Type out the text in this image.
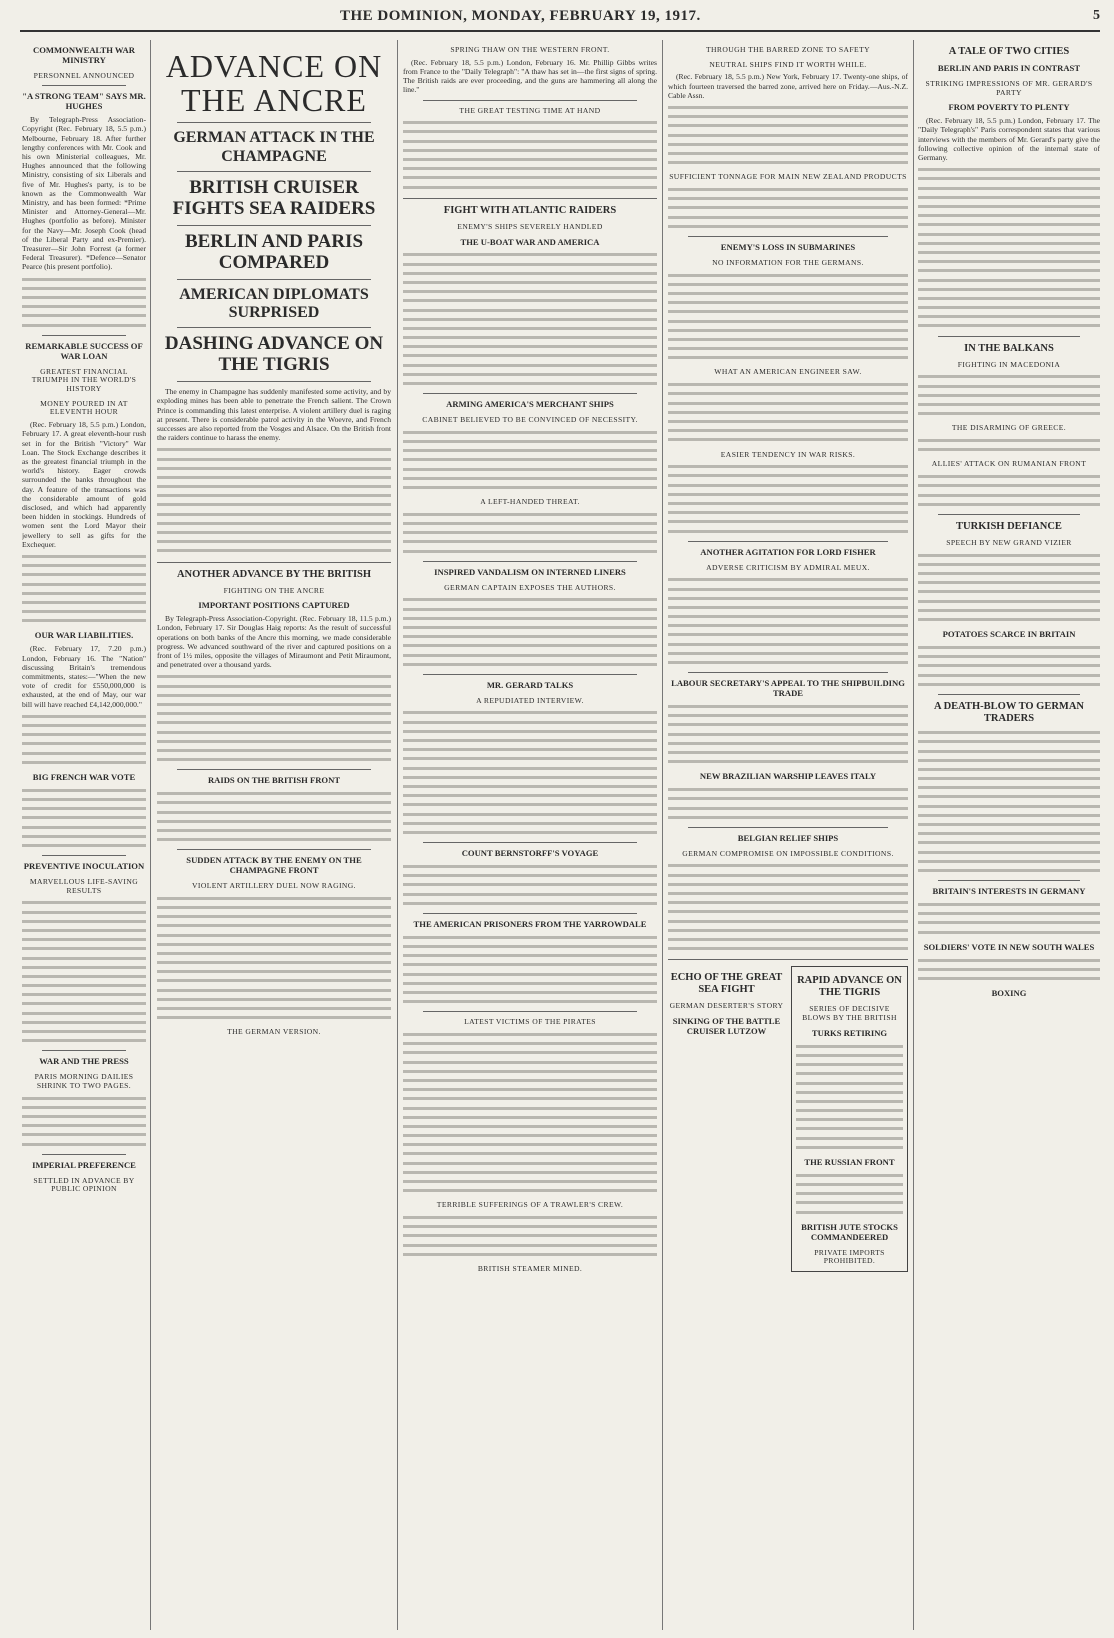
THE DOMINION, MONDAY, FEBRUARY 19, 1917.	5
COMMONWEALTH WAR MINISTRY
PERSONNEL ANNOUNCED
"A STRONG TEAM" SAYS MR. HUGHES

By Telegraph-Press Association-Copyright (Rec. February 18, 5.5 p.m.) Melbourne, February 18. After further lengthy conferences with Mr. Cook and his own Ministerial colleagues, Mr. Hughes announced that the following Ministry, consisting of six Liberals and five of Mr. Hughes's party, is to be known as the Commonwealth War Ministry, and has been formed: *Prime Minister and Attorney-General—Mr. Hughes (portfolio as before). Minister for the Navy—Mr. Joseph Cook (head of the Liberal Party and ex-Premier). Treasurer—Sir John Forrest (a former Federal Treasurer). *Defence—Senator Pearce (his present portfolio).

REMARKABLE SUCCESS OF WAR LOAN
GREATEST FINANCIAL TRIUMPH IN THE WORLD'S HISTORY
MONEY POURED IN AT ELEVENTH HOUR

(Rec. February 18, 5.5 p.m.) London, February 17. A great eleventh-hour rush set in for the British "Victory" War Loan. The Stock Exchange describes it as the greatest financial triumph in the world's history. Eager crowds surrounded the banks throughout the day. A feature of the transactions was the considerable amount of gold disclosed, and which had apparently been hidden in stockings. Hundreds of women sent the Lord Mayor their jewellery to sell as gifts for the Exchequer.

OUR WAR LIABILITIES.

(Rec. February 17, 7.20 p.m.) London, February 16. The "Nation" discussing Britain's tremendous commitments, states:—"When the new vote of credit for £550,000,000 is exhausted, at the end of May, our war bill will have reached £4,142,000,000."

BIG FRENCH WAR VOTE
PREVENTIVE INOCULATION
MARVELLOUS LIFE-SAVING RESULTS
WAR AND THE PRESS
PARIS MORNING DAILIES SHRINK TO TWO PAGES.
IMPERIAL PREFERENCE
SETTLED IN ADVANCE BY PUBLIC OPINION
ADVANCE ON THE ANCRE
GERMAN ATTACK IN THE CHAMPAGNE
BRITISH CRUISER FIGHTS SEA RAIDERS
BERLIN AND PARIS COMPARED
AMERICAN DIPLOMATS SURPRISED
DASHING ADVANCE ON THE TIGRIS

The enemy in Champagne has suddenly manifested some activity, and by exploding mines has been able to penetrate the French salient. The Crown Prince is commanding this latest enterprise. A violent artillery duel is raging at present. There is considerable patrol activity in the Woevre, and French successes are also reported from the Vosges and Alsace. On the British front the raiders continue to harass the enemy.

ANOTHER ADVANCE BY THE BRITISH
FIGHTING ON THE ANCRE
IMPORTANT POSITIONS CAPTURED

By Telegraph-Press Association-Copyright. (Rec. February 18, 11.5 p.m.) London, February 17. Sir Douglas Haig reports: As the result of successful operations on both banks of the Ancre this morning, we made considerable progress. We advanced southward of the river and captured positions on a front of 1½ miles, opposite the villages of Miraumont and Petit Miraumont, and penetrated over a thousand yards.

RAIDS ON THE BRITISH FRONT
SUDDEN ATTACK BY THE ENEMY ON THE CHAMPAGNE FRONT
VIOLENT ARTILLERY DUEL NOW RAGING.
THE GERMAN VERSION.
SPRING THAW ON THE WESTERN FRONT.

(Rec. February 18, 5.5 p.m.) London, February 16. Mr. Phillip Gibbs writes from France to the "Daily Telegraph": "A thaw has set in—the first signs of spring. The British raids are ever proceeding, and the guns are hammering all along the line."

THE GREAT TESTING TIME AT HAND
FIGHT WITH ATLANTIC RAIDERS
ENEMY'S SHIPS SEVERELY HANDLED
THE U-BOAT WAR AND AMERICA
ARMING AMERICA'S MERCHANT SHIPS
CABINET BELIEVED TO BE CONVINCED OF NECESSITY.
A LEFT-HANDED THREAT.
INSPIRED VANDALISM ON INTERNED LINERS
GERMAN CAPTAIN EXPOSES THE AUTHORS.
MR. GERARD TALKS
A REPUDIATED INTERVIEW.
COUNT BERNSTORFF'S VOYAGE
THE AMERICAN PRISONERS FROM THE YARROWDALE
LATEST VICTIMS OF THE PIRATES
TERRIBLE SUFFERINGS OF A TRAWLER'S CREW.
BRITISH STEAMER MINED.
THROUGH THE BARRED ZONE TO SAFETY
NEUTRAL SHIPS FIND IT WORTH WHILE.

(Rec. February 18, 5.5 p.m.) New York, February 17. Twenty-one ships, of which fourteen traversed the barred zone, arrived here on Friday.—Aus.-N.Z. Cable Assn.

SUFFICIENT TONNAGE FOR MAIN NEW ZEALAND PRODUCTS
ENEMY'S LOSS IN SUBMARINES
NO INFORMATION FOR THE GERMANS.
WHAT AN AMERICAN ENGINEER SAW.
EASIER TENDENCY IN WAR RISKS.
ANOTHER AGITATION FOR LORD FISHER
ADVERSE CRITICISM BY ADMIRAL MEUX.
LABOUR SECRETARY'S APPEAL TO THE SHIPBUILDING TRADE
NEW BRAZILIAN WARSHIP LEAVES ITALY
BELGIAN RELIEF SHIPS
GERMAN COMPROMISE ON IMPOSSIBLE CONDITIONS.
ECHO OF THE GREAT SEA FIGHT
GERMAN DESERTER'S STORY
SINKING OF THE BATTLE CRUISER LUTZOW
RAPID ADVANCE ON THE TIGRIS
SERIES OF DECISIVE BLOWS BY THE BRITISH
TURKS RETIRING
THE RUSSIAN FRONT
BRITISH JUTE STOCKS COMMANDEERED
PRIVATE IMPORTS PROHIBITED.
A TALE OF TWO CITIES
BERLIN AND PARIS IN CONTRAST
STRIKING IMPRESSIONS OF MR. GERARD'S PARTY
FROM POVERTY TO PLENTY

(Rec. February 18, 5.5 p.m.) London, February 17. The "Daily Telegraph's" Paris correspondent states that various interviews with the members of Mr. Gerard's party give the following collective opinion of the internal state of Germany.

IN THE BALKANS
FIGHTING IN MACEDONIA
THE DISARMING OF GREECE.
ALLIES' ATTACK ON RUMANIAN FRONT
TURKISH DEFIANCE
SPEECH BY NEW GRAND VIZIER
POTATOES SCARCE IN BRITAIN
A DEATH-BLOW TO GERMAN TRADERS
BRITAIN'S INTERESTS IN GERMANY
SOLDIERS' VOTE IN NEW SOUTH WALES
BOXING
